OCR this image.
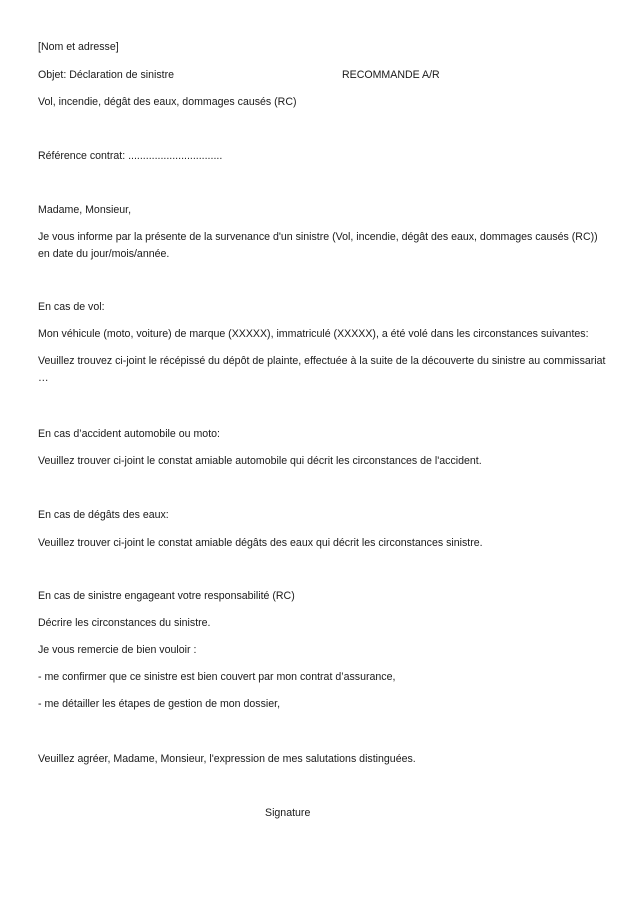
[Nom et adresse]
Objet: Déclaration de sinistre	RECOMMANDE A/R
Vol, incendie, dégât des eaux, dommages causés (RC)
Référence contrat: ................................
Madame, Monsieur,
Je vous informe par la présente de la survenance d'un sinistre (Vol, incendie, dégât des eaux, dommages causés (RC)) en date du jour/mois/année.
En cas de vol:
Mon véhicule (moto, voiture) de marque (XXXXX), immatriculé (XXXXX), a été volé dans les circonstances suivantes:
Veuillez trouvez ci-joint le récépissé du dépôt de plainte, effectuée à la suite de la découverte du sinistre au commissariat …
En cas d’accident automobile ou moto:
Veuillez trouver ci-joint le constat amiable automobile qui décrit les circonstances de l'accident.
En cas de dégâts des eaux:
Veuillez trouver ci-joint le constat amiable dégâts des eaux qui décrit les circonstances sinistre.
En cas de sinistre engageant votre responsabilité (RC)
Décrire les circonstances du sinistre.
Je vous remercie de bien vouloir :
- me confirmer que ce sinistre est bien couvert par mon contrat d’assurance,
- me détailler les étapes de gestion de mon dossier,
Veuillez agréer, Madame, Monsieur, l'expression de mes salutations distinguées.
Signature
